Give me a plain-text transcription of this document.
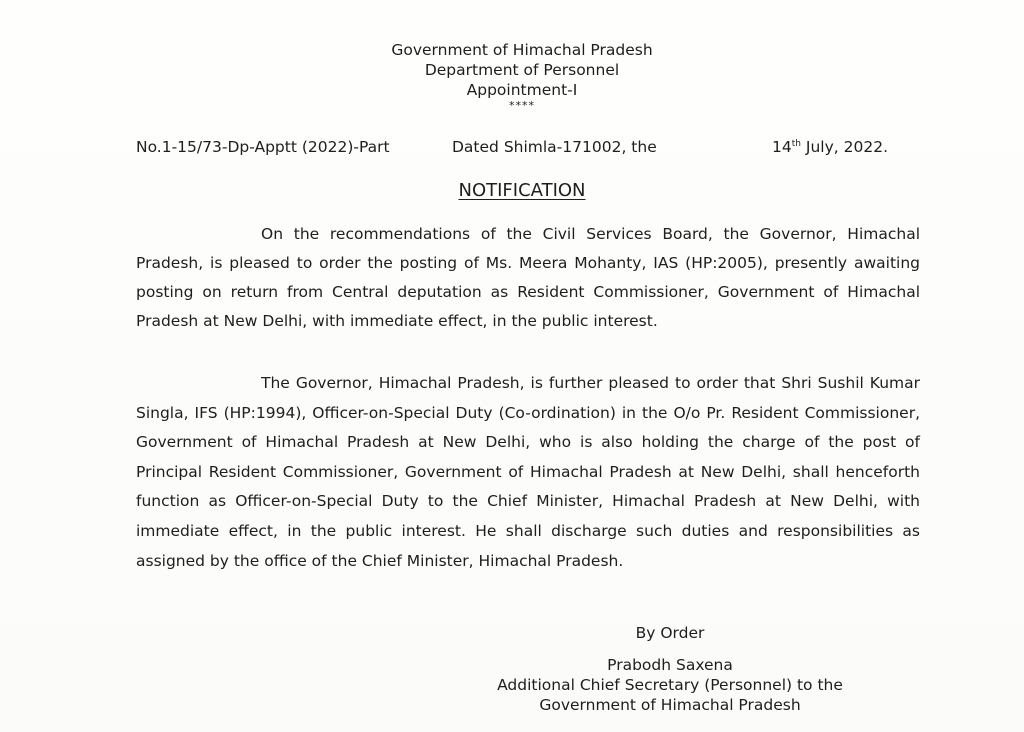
Government of Himachal Pradesh
Department of Personnel
Appointment-I
****
No.1-15/73-Dp-Apptt (2022)-Part	Dated Shimla-171002, the	14th July, 2022.
NOTIFICATION

On the recommendations of the Civil Services Board, the Governor, Himachal Pradesh, is pleased to order the posting of Ms. Meera Mohanty, IAS (HP:2005), presently awaiting posting on return from Central deputation as Resident Commissioner, Government of Himachal Pradesh at New Delhi, with immediate effect, in the public interest.

The Governor, Himachal Pradesh, is further pleased to order that Shri Sushil Kumar Singla, IFS (HP:1994), Officer-on-Special Duty (Co-ordination) in the O/o Pr. Resident Commissioner, Government of Himachal Pradesh at New Delhi, who is also holding the charge of the post of Principal Resident Commissioner, Government of Himachal Pradesh at New Delhi, shall henceforth function as Officer-on-Special Duty to the Chief Minister, Himachal Pradesh at New Delhi, with immediate effect, in the public interest. He shall discharge such duties and responsibilities as assigned by the office of the Chief Minister, Himachal Pradesh.

By Order
Prabodh Saxena
Additional Chief Secretary (Personnel) to the
Government of Himachal Pradesh
